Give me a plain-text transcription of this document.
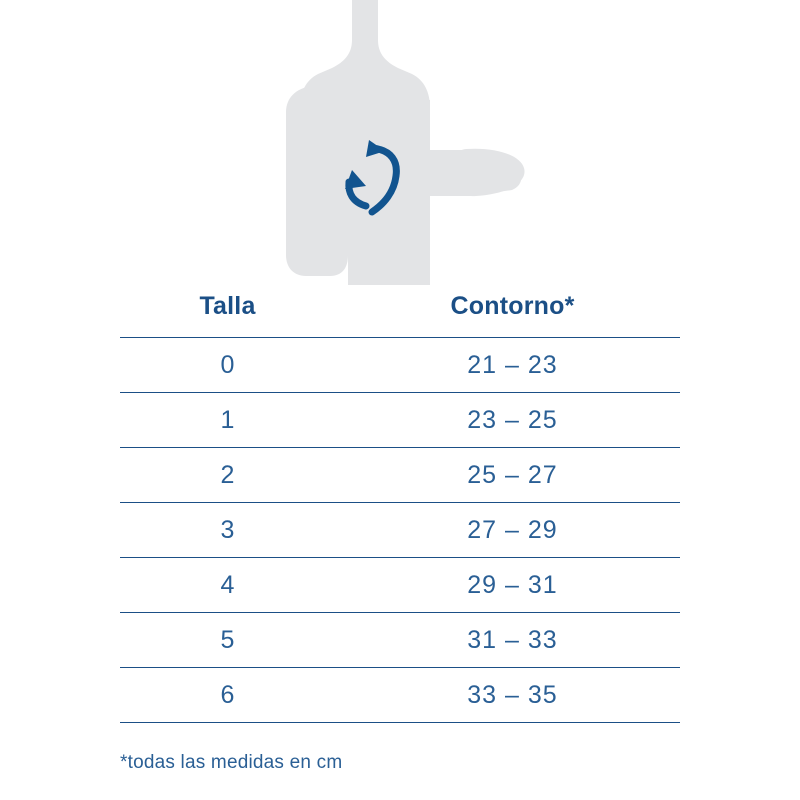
Talla	Contorno*
0	21 – 23
1	23 – 25
2	25 – 27
3	27 – 29
4	29 – 31
5	31 – 33
6	33 – 35
*todas las medidas en cm
